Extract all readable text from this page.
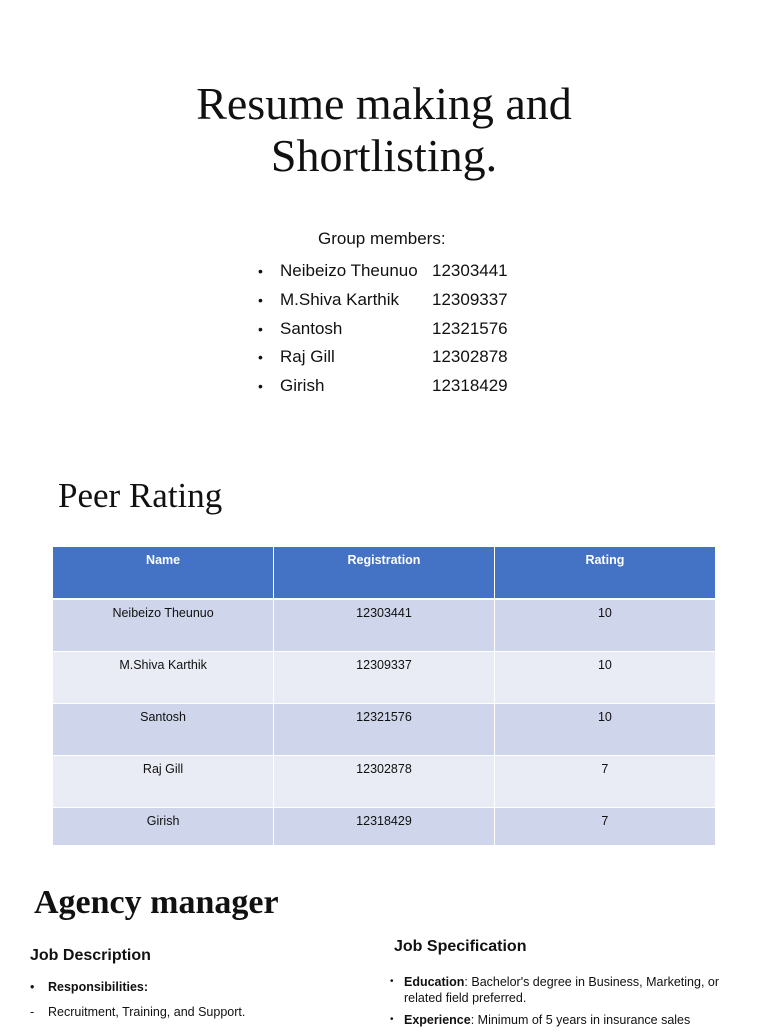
Resume making and
Shortlisting.
Group members:
•	Neibeizo Theunuo 12303441
•	M.Shiva Karthik	12309337
•	Santosh	12321576
•	Raj Gill	12302878
•	Girish	12318429
Peer Rating
Name	Registration	Rating
Neibeizo Theunuo	12303441	10
M.Shiva Karthik	12309337	10
Santosh	12321576	10
Raj Gill	12302878	7
Girish	12318429	7
Agency manager
Job Description
•	Responsibilities:
-	Recruitment, Training, and Support.
Job Specification
• Education: Bachelor's degree in Business, Marketing, or related field preferred.
• Experience: Minimum of 5 years in insurance sales
